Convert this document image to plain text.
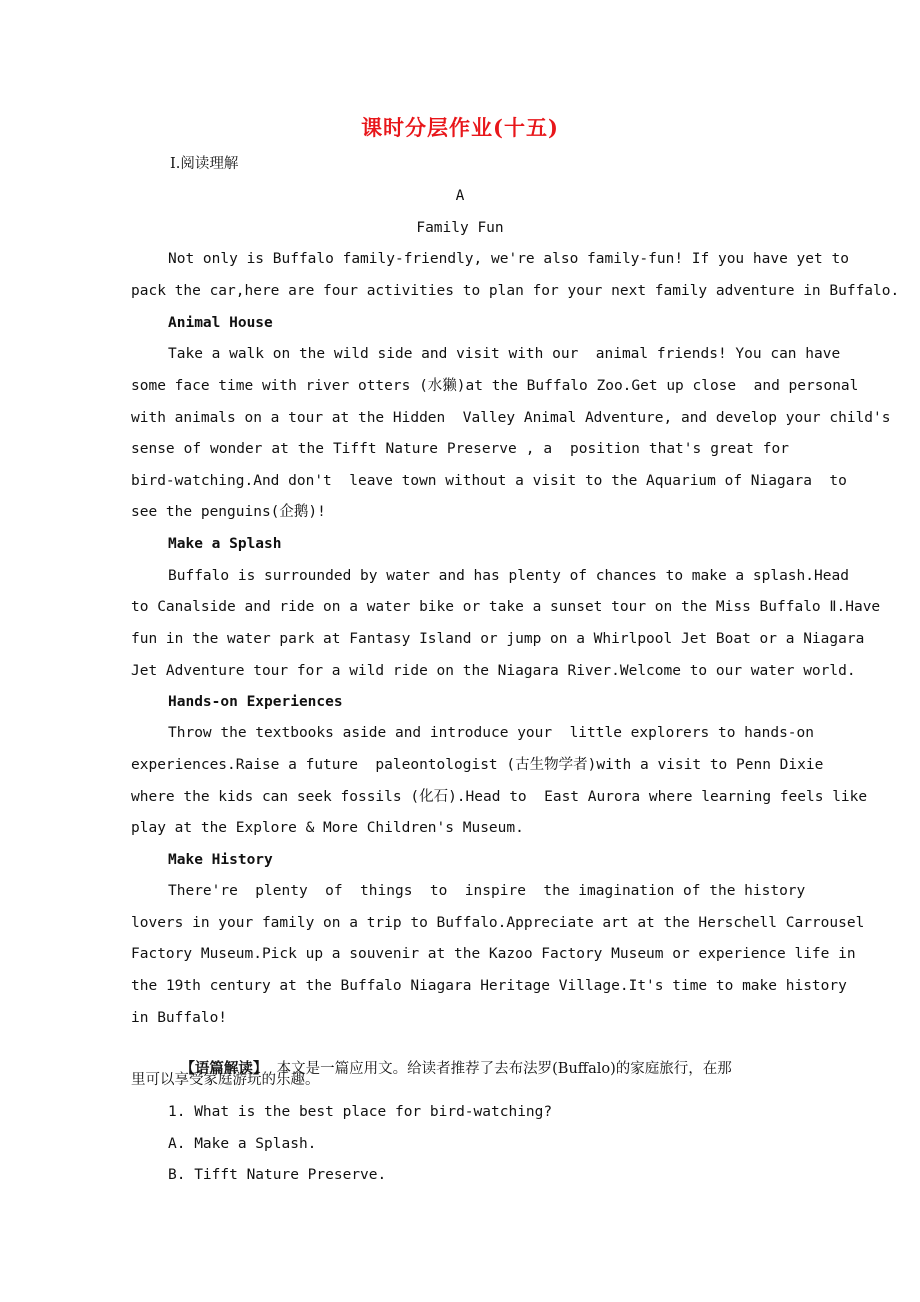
课时分层作业(十五)
Ⅰ.阅读理解
A
Family Fun
Not only is Buffalo family-friendly, we're also family-fun! If you have yet to
pack the car,here are four activities to plan for your next family adventure in Buffalo.
Animal House
Take a walk on the wild side and visit with our  animal friends! You can have
some face time with river otters (水獭)at the Buffalo Zoo.Get up close  and personal
with animals on a tour at the Hidden  Valley Animal Adventure, and develop your child's
sense of wonder at the Tifft Nature Preserve , a  position that's great for
bird-watching.And don't  leave town without a visit to the Aquarium of Niagara  to
see the penguins(企鹅)!
Make a Splash
Buffalo is surrounded by water and has plenty of chances to make a splash.Head
to Canalside and ride on a water bike or take a sunset tour on the Miss Buffalo Ⅱ.Have
fun in the water park at Fantasy Island or jump on a Whirlpool Jet Boat or a Niagara
Jet Adventure tour for a wild ride on the Niagara River.Welcome to our water world.
Hands-on Experiences
Throw the textbooks aside and introduce your  little explorers to hands-on
experiences.Raise a future  paleontologist (古生物学者)with a visit to Penn Dixie
where the kids can seek fossils (化石).Head to  East Aurora where learning feels like
play at the Explore & More Children's Museum.
Make History
There're  plenty  of  things  to  inspire  the imagination of the history
lovers in your family on a trip to Buffalo.Appreciate art at the Herschell Carrousel
Factory Museum.Pick up a souvenir at the Kazoo Factory Museum or experience life in
the 19th century at the Buffalo Niagara Heritage Village.It's time to make history
in Buffalo!

【语篇解读】  本文是一篇应用文。给读者推荐了去布法罗(Buffalo)的家庭旅行，在那

里可以享受家庭游玩的乐趣。
1. What is the best place for bird-watching?
A. Make a Splash.
B. Tifft Nature Preserve.
